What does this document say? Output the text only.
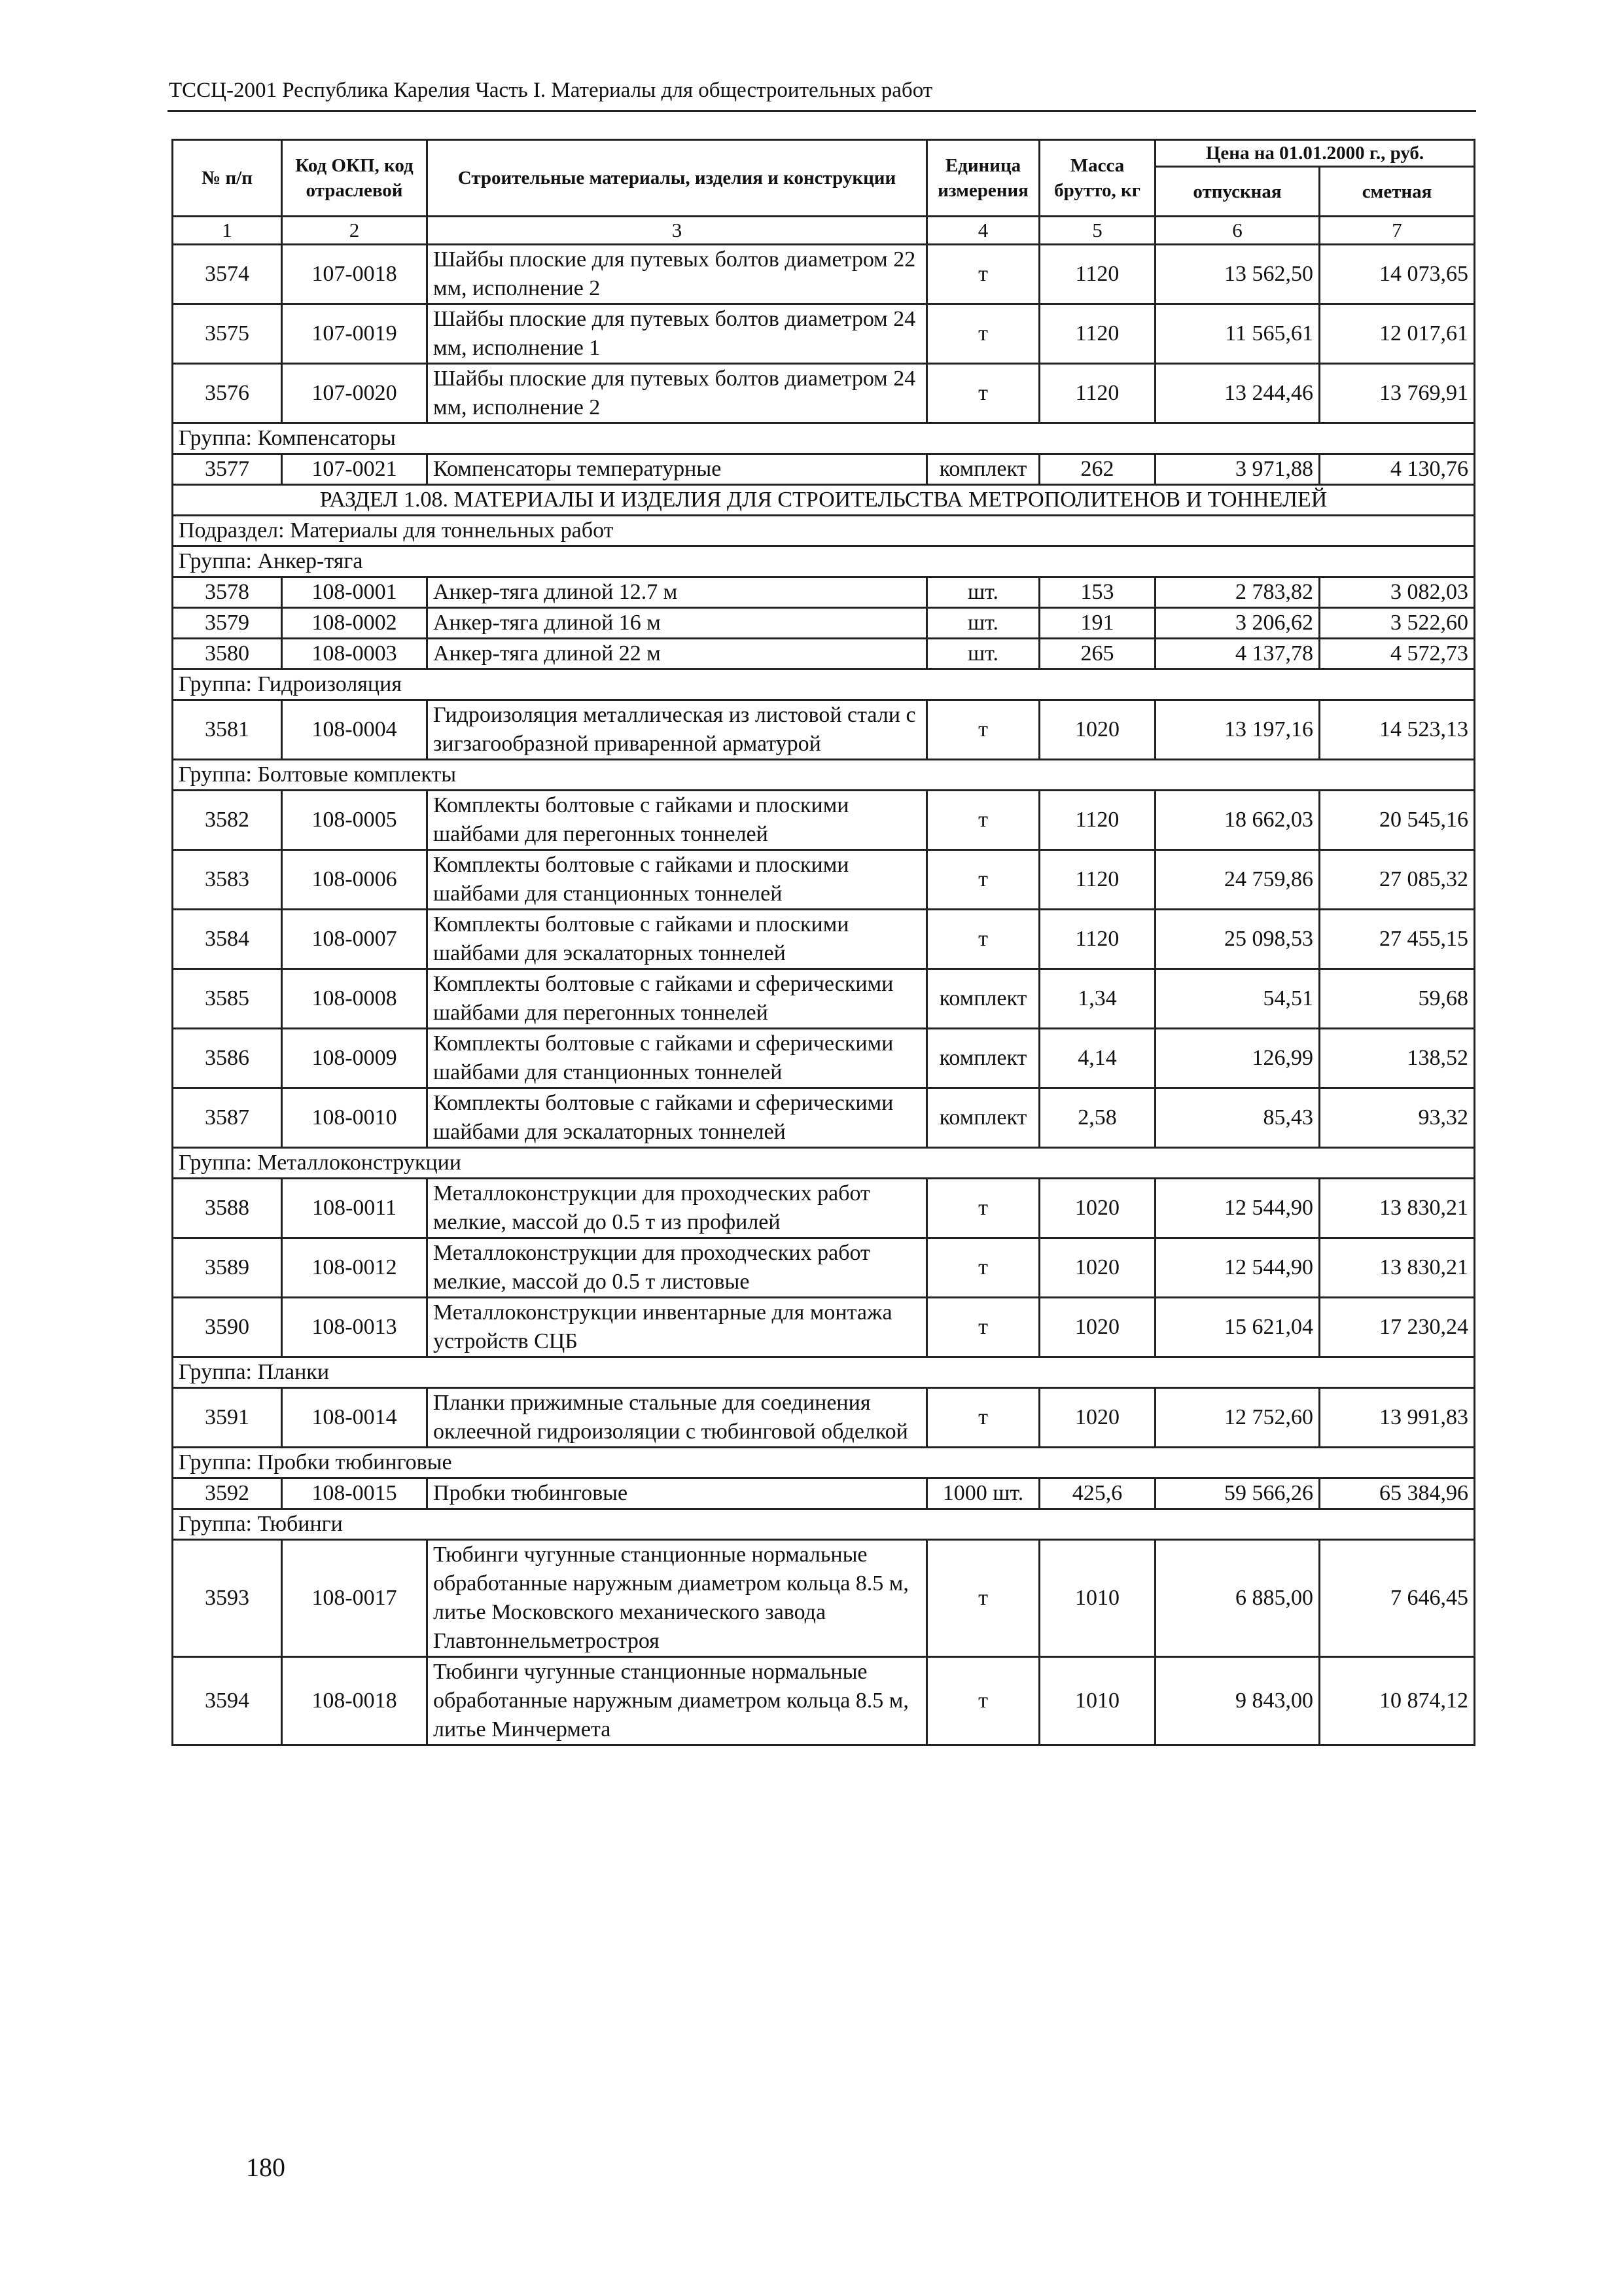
ТССЦ-2001 Республика Карелия Часть I. Материалы для общестроительных работ
№ п/п	Код ОКП, код отраслевой	Строительные материалы, изделия и конструкции	Единица измерения	Масса брутто, кг	Цена на 01.01.2000 г., руб.	
					отпускная	сметная
1	2	3	4	5	6	7
3574	107-0018	Шайбы плоские для путевых болтов диаметром 22 мм, исполнение 2	т	1120	13 562,50	14 073,65
3575	107-0019	Шайбы плоские для путевых болтов диаметром 24 мм, исполнение 1	т	1120	11 565,61	12 017,61
3576	107-0020	Шайбы плоские для путевых болтов диаметром 24 мм, исполнение 2	т	1120	13 244,46	13 769,91
Группа: Компенсаторы						
3577	107-0021	Компенсаторы температурные	комплект	262	3 971,88	4 130,76
РАЗДЕЛ 1.08. МАТЕРИАЛЫ И ИЗДЕЛИЯ ДЛЯ СТРОИТЕЛЬСТВА МЕТРОПОЛИТЕНОВ И ТОННЕЛЕЙ						
Подраздел: Материалы для тоннельных работ						
Группа: Анкер-тяга						
3578	108-0001	Анкер-тяга длиной 12.7 м	шт.	153	2 783,82	3 082,03
3579	108-0002	Анкер-тяга длиной 16 м	шт.	191	3 206,62	3 522,60
3580	108-0003	Анкер-тяга длиной 22 м	шт.	265	4 137,78	4 572,73
Группа: Гидроизоляция						
3581	108-0004	Гидроизоляция металлическая из листовой стали с зигзагообразной приваренной арматурой	т	1020	13 197,16	14 523,13
Группа: Болтовые комплекты						
3582	108-0005	Комплекты болтовые с гайками и плоскими шайбами для перегонных тоннелей	т	1120	18 662,03	20 545,16
3583	108-0006	Комплекты болтовые с гайками и плоскими шайбами для станционных тоннелей	т	1120	24 759,86	27 085,32
3584	108-0007	Комплекты болтовые с гайками и плоскими шайбами для эскалаторных тоннелей	т	1120	25 098,53	27 455,15
3585	108-0008	Комплекты болтовые с гайками и сферическими шайбами для перегонных тоннелей	комплект	1,34	54,51	59,68
3586	108-0009	Комплекты болтовые с гайками и сферическими шайбами для станционных тоннелей	комплект	4,14	126,99	138,52
3587	108-0010	Комплекты болтовые с гайками и сферическими шайбами для эскалаторных тоннелей	комплект	2,58	85,43	93,32
Группа: Металлоконструкции						
3588	108-0011	Металлоконструкции для проходческих работ мелкие, массой до 0.5 т из профилей	т	1020	12 544,90	13 830,21
3589	108-0012	Металлоконструкции для проходческих работ мелкие, массой до 0.5 т листовые	т	1020	12 544,90	13 830,21
3590	108-0013	Металлоконструкции инвентарные для монтажа устройств СЦБ	т	1020	15 621,04	17 230,24
Группа: Планки						
3591	108-0014	Планки прижимные стальные для соединения оклеечной гидроизоляции с тюбинговой обделкой	т	1020	12 752,60	13 991,83
Группа: Пробки тюбинговые						
3592	108-0015	Пробки тюбинговые	1000 шт.	425,6	59 566,26	65 384,96
Группа: Тюбинги						
3593	108-0017	Тюбинги чугунные станционные нормальные обработанные наружным диаметром кольца 8.5 м, литье Московского механического завода Главтоннельметростроя	т	1010	6 885,00	7 646,45
3594	108-0018	Тюбинги чугунные станционные нормальные обработанные наружным диаметром кольца 8.5 м, литье Минчермета	т	1010	9 843,00	10 874,12
180
